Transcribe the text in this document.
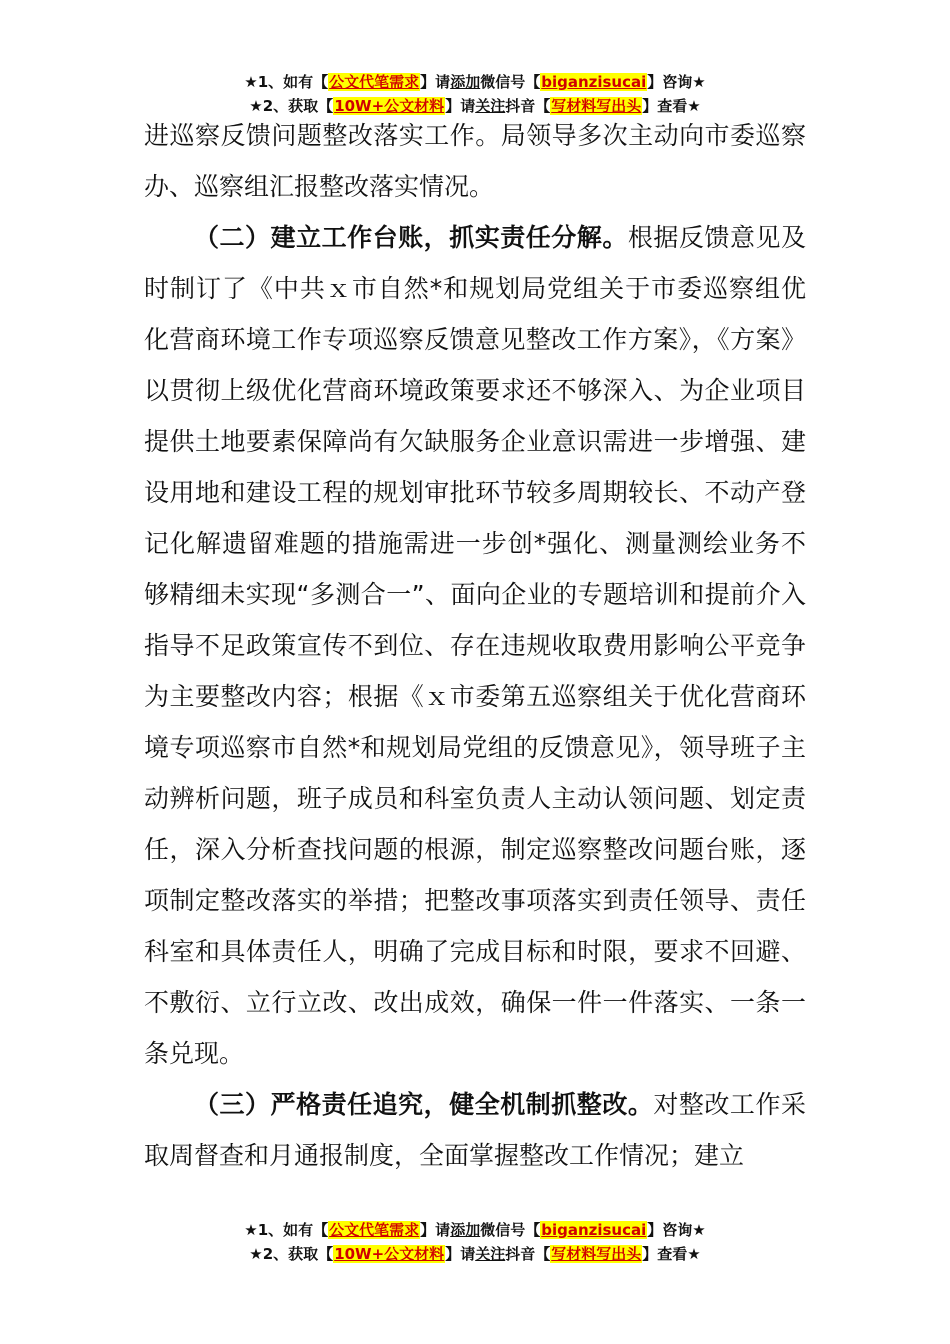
★1、如有【公文代笔需求】请添加微信号【biganzisucai】咨询★
★2、获取【10W+公文材料】请关注抖音【写材料写出头】查看★

进巡察反馈问题整改落实工作。局领导多次主动向市委巡察办、巡察组汇报整改落实情况。

（二）建立工作台账，抓实责任分解。根据反馈意见及时制订了《中共ｘ市自然*和规划局党组关于市委巡察组优化营商环境工作专项巡察反馈意见整改工作方案》，《方案》以贯彻上级优化营商环境政策要求还不够深入、为企业项目提供土地要素保障尚有欠缺服务企业意识需进一步增强、建设用地和建设工程的规划审批环节较多周期较长、不动产登记化解遗留难题的措施需进一步创*强化、测量测绘业务不够精细未实现“多测合一”、面向企业的专题培训和提前介入指导不足政策宣传不到位、存在违规收取费用影响公平竞争为主要整改内容；根据《ｘ市委第五巡察组关于优化营商环境专项巡察市自然*和规划局党组的反馈意见》，领导班子主动辨析问题，班子成员和科室负责人主动认领问题、划定责任，深入分析查找问题的根源，制定巡察整改问题台账，逐项制定整改落实的举措；把整改事项落实到责任领导、责任科室和具体责任人，明确了完成目标和时限，要求不回避、不敷衍、立行立改、改出成效，确保一件一件落实、一条一条兑现。

（三）严格责任追究，健全机制抓整改。对整改工作采取周督查和月通报制度，全面掌握整改工作情况；建立

★1、如有【公文代笔需求】请添加微信号【biganzisucai】咨询★
★2、获取【10W+公文材料】请关注抖音【写材料写出头】查看★
